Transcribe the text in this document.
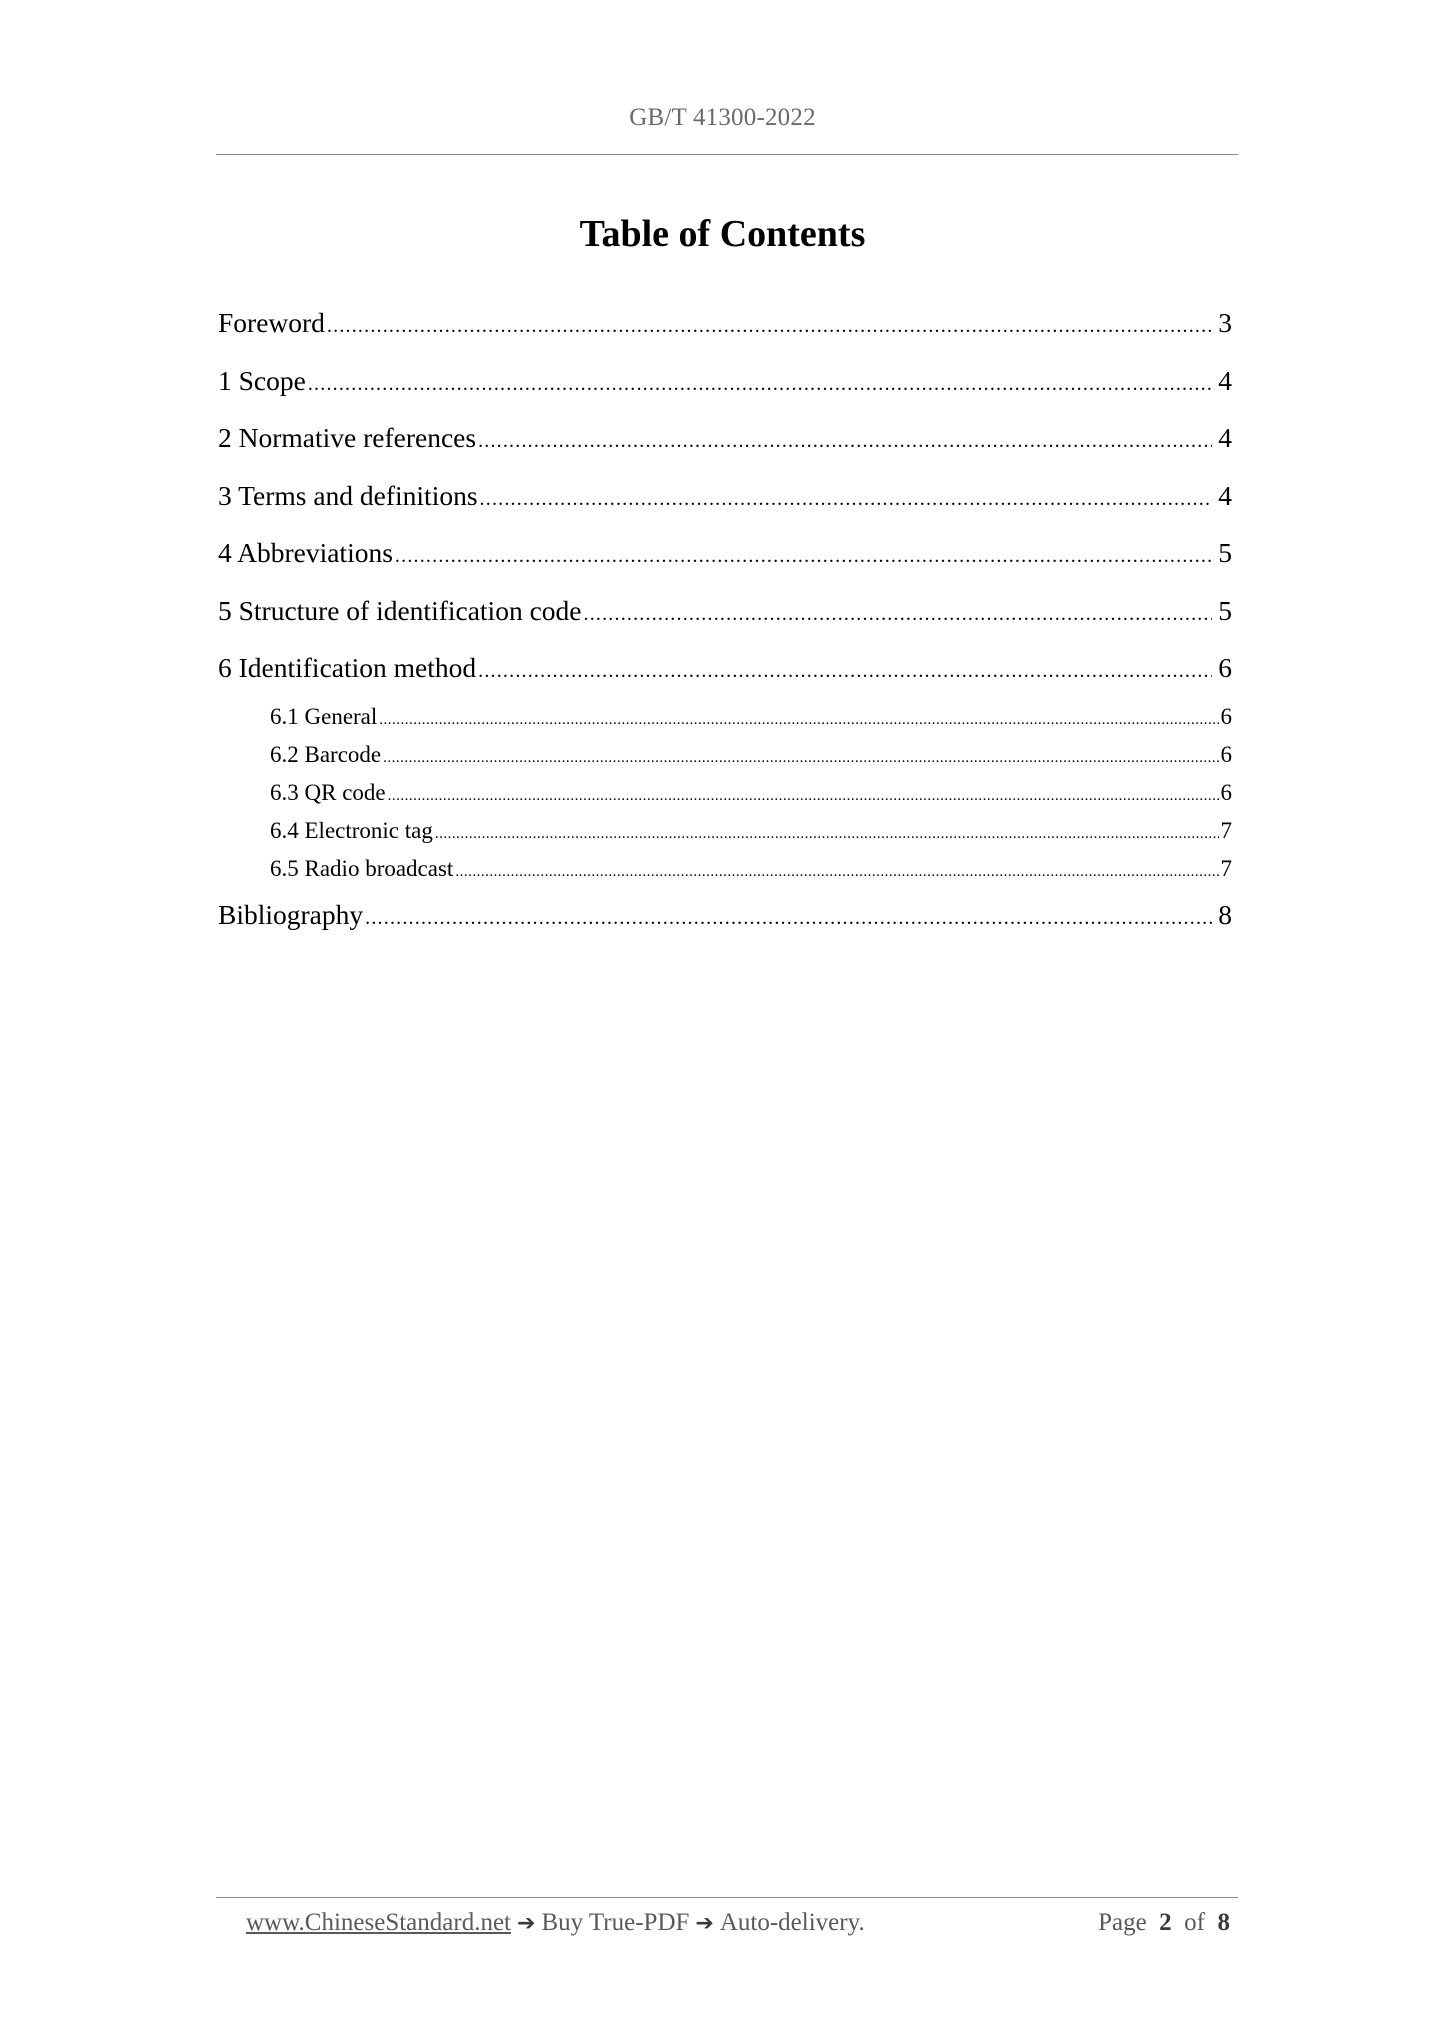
GB/T 41300-2022
Table of Contents
Foreword .....	3
1 Scope .....	4
2 Normative references .....	4
3 Terms and definitions .....	4
4 Abbreviations .....	5
5 Structure of identification code .....	5
6 Identification method .....	6
6.1 General .....	6
6.2 Barcode .....	6
6.3 QR code .....	6
6.4 Electronic tag .....	7
6.5 Radio broadcast .....	7
Bibliography .....	8
www.ChineseStandard.net ➔ Buy True-PDF ➔ Auto-delivery.	Page 2 of 8
